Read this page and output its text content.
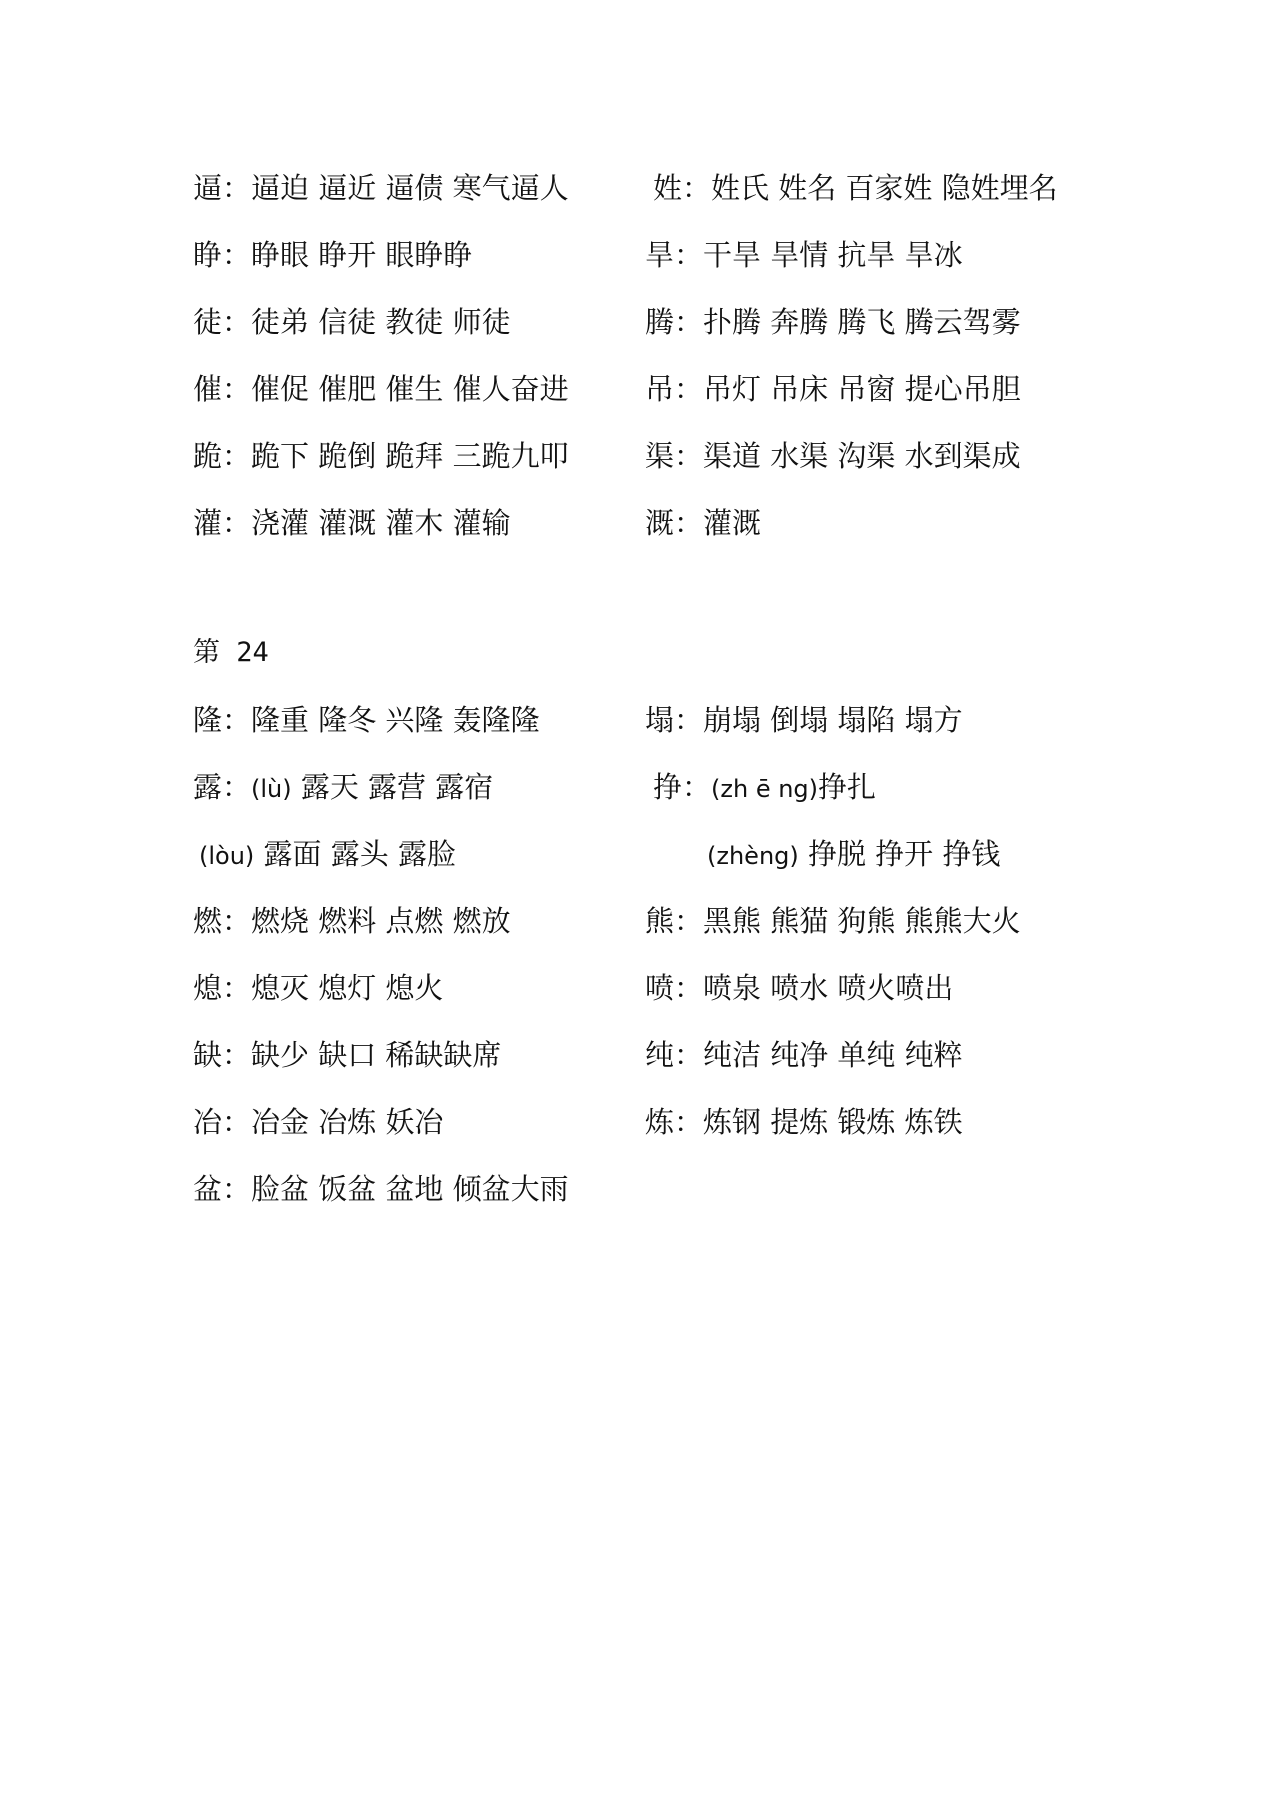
逼：逼迫 逼近 逼债 寒气逼人	姓：姓氏 姓名 百家姓 隐姓埋名
睁：睁眼 睁开 眼睁睁	旱：干旱 旱情 抗旱 旱冰
徒：徒弟 信徒 教徒 师徒	腾：扑腾 奔腾 腾飞 腾云驾雾
催：催促 催肥 催生 催人奋进	吊：吊灯 吊床 吊窗 提心吊胆
跪：跪下 跪倒 跪拜 三跪九叩	渠：渠道 水渠 沟渠 水到渠成
灌：浇灌 灌溉 灌木 灌输	溉：灌溉
第 24
隆：隆重 隆冬 兴隆 轰隆隆	塌：崩塌 倒塌 塌陷 塌方
露：(lù) 露天 露营 露宿	挣：(zh ē ng)挣扎
(lòu) 露面 露头 露脸	(zhèng) 挣脱 挣开 挣钱
燃：燃烧 燃料 点燃 燃放	熊：黑熊 熊猫 狗熊 熊熊大火
熄：熄灭 熄灯 熄火	喷：喷泉 喷水 喷火喷出
缺：缺少 缺口 稀缺缺席	纯：纯洁 纯净 单纯 纯粹
冶：冶金 冶炼 妖冶	炼：炼钢 提炼 锻炼 炼铁
盆：脸盆 饭盆 盆地 倾盆大雨
